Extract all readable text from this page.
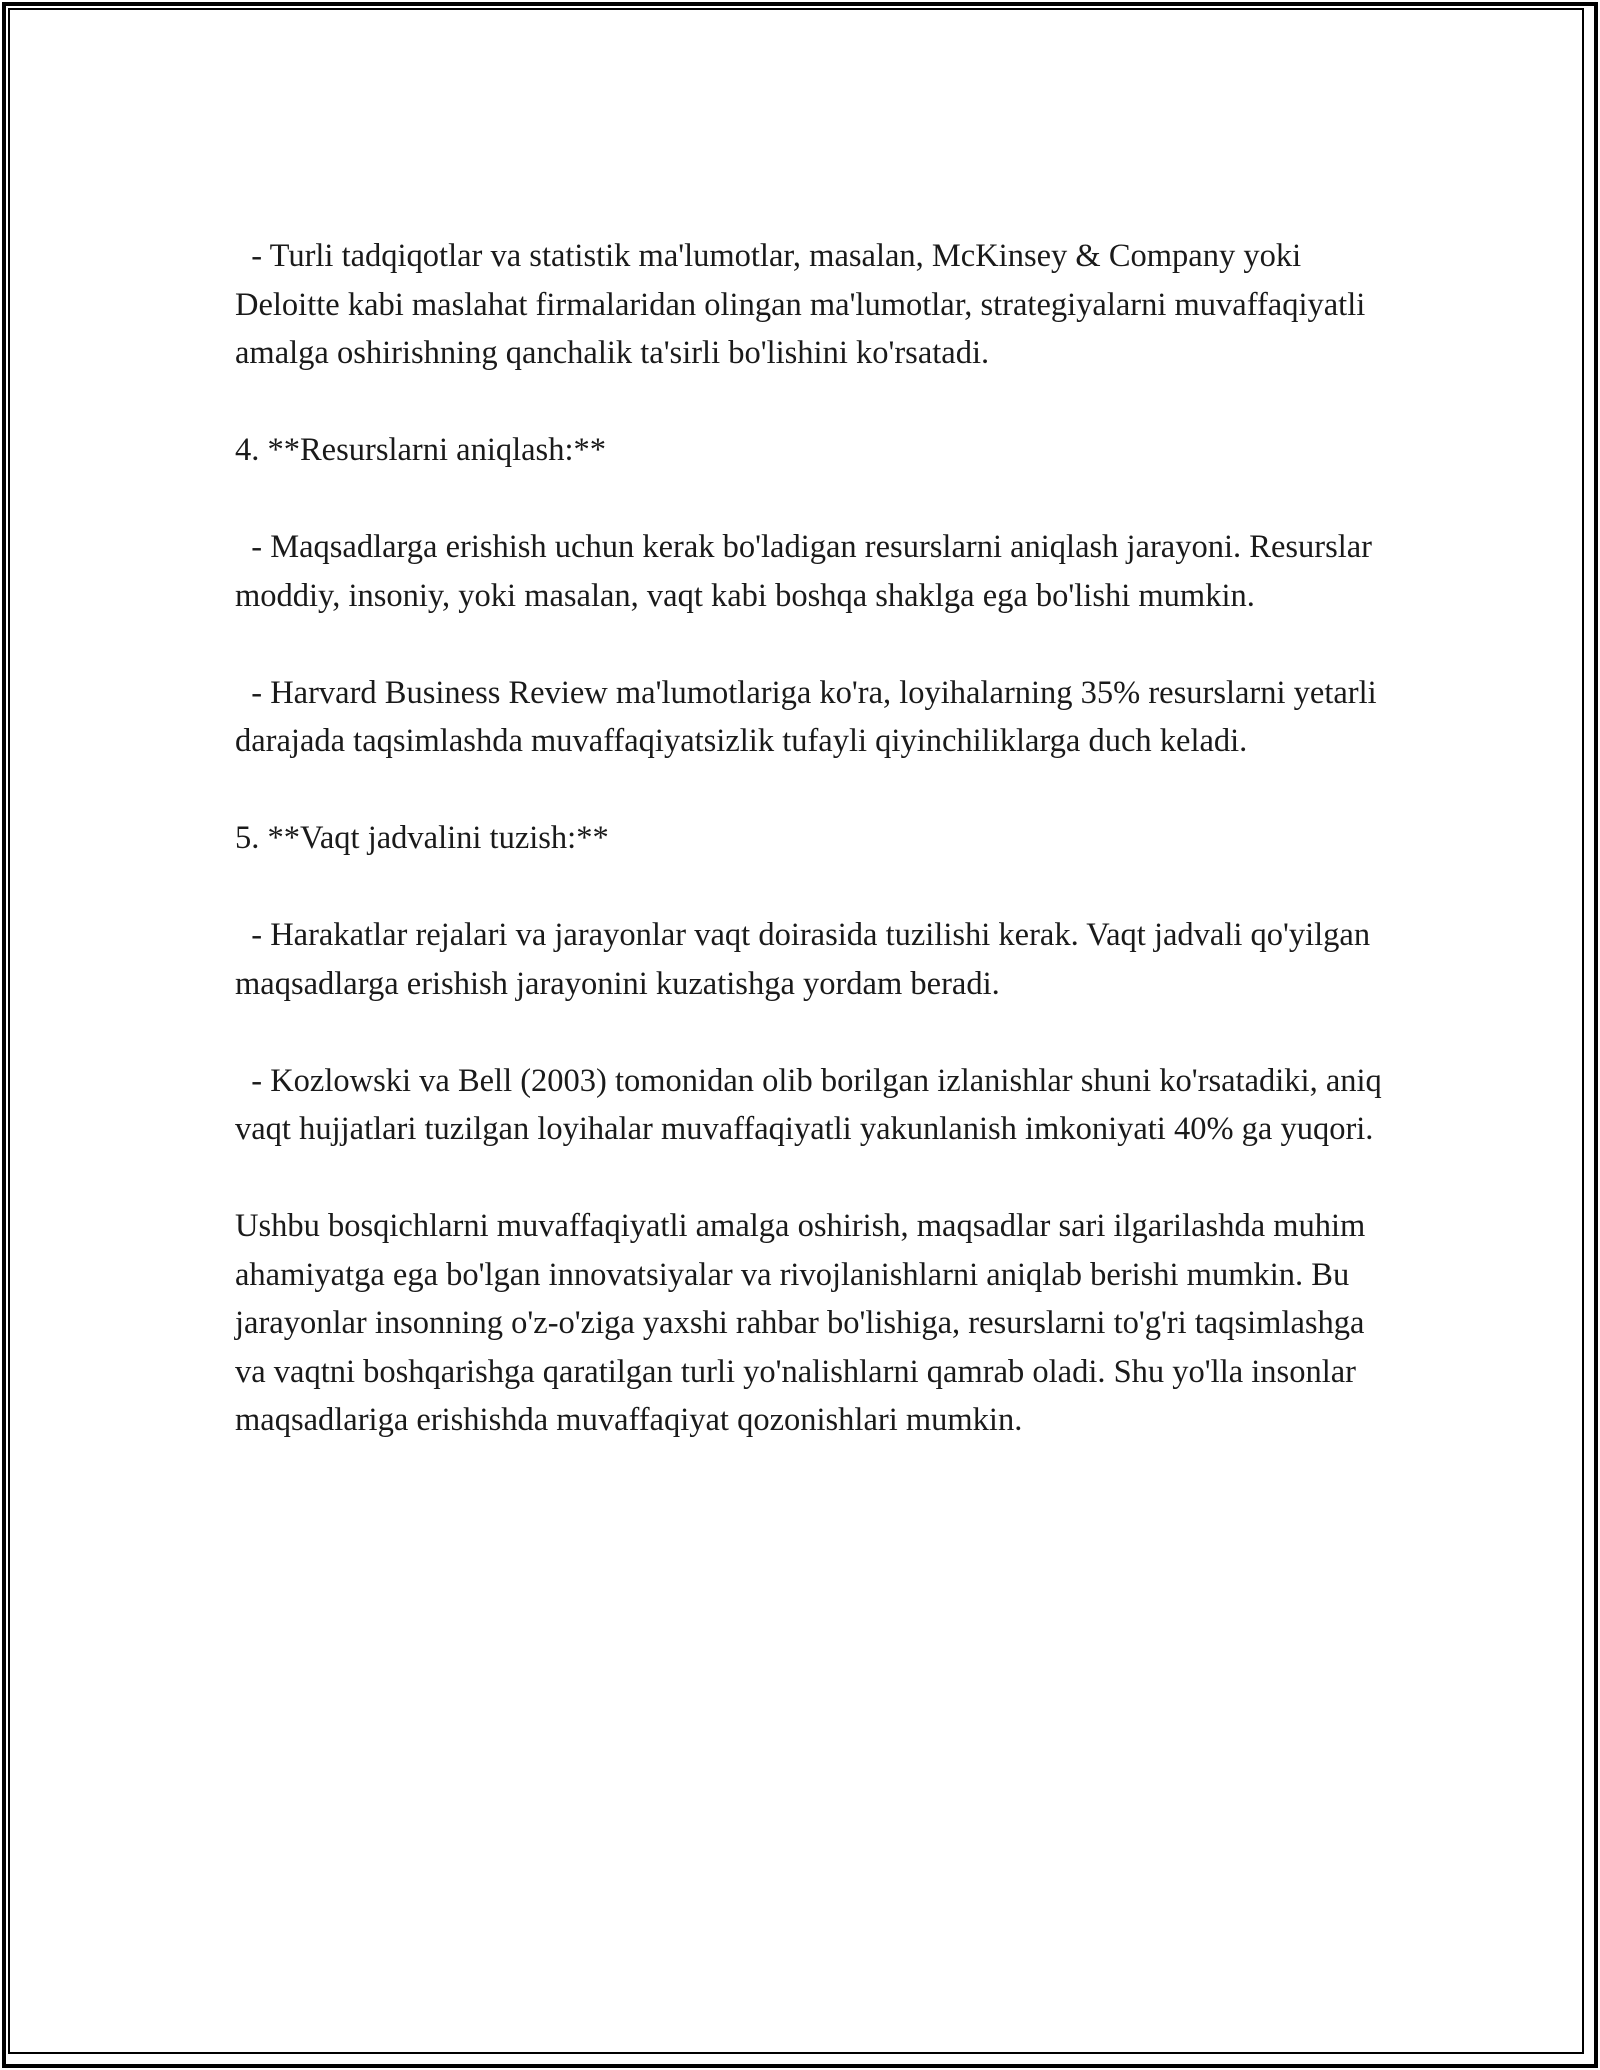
- Turli tadqiqotlar va statistik ma'lumotlar, masalan, McKinsey & Company yoki Deloitte kabi maslahat firmalaridan olingan ma'lumotlar, strategiyalarni muvaffaqiyatli amalga oshirishning qanchalik ta'sirli bo'lishini ko'rsatadi.

4. **Resurslarni aniqlash:**

- Maqsadlarga erishish uchun kerak bo'ladigan resurslarni aniqlash jarayoni. Resurslar moddiy, insoniy, yoki masalan, vaqt kabi boshqa shaklga ega bo'lishi mumkin.

- Harvard Business Review ma'lumotlariga ko'ra, loyihalarning 35% resurslarni yetarli darajada taqsimlashda muvaffaqiyatsizlik tufayli qiyinchiliklarga duch keladi.

5. **Vaqt jadvalini tuzish:**

- Harakatlar rejalari va jarayonlar vaqt doirasida tuzilishi kerak. Vaqt jadvali qo'yilgan maqsadlarga erishish jarayonini kuzatishga yordam beradi.

- Kozlowski va Bell (2003) tomonidan olib borilgan izlanishlar shuni ko'rsatadiki, aniq vaqt hujjatlari tuzilgan loyihalar muvaffaqiyatli yakunlanish imkoniyati 40% ga yuqori.

Ushbu bosqichlarni muvaffaqiyatli amalga oshirish, maqsadlar sari ilgarilashda muhim ahamiyatga ega bo'lgan innovatsiyalar va rivojlanishlarni aniqlab berishi mumkin. Bu jarayonlar insonning o'z-o'ziga yaxshi rahbar bo'lishiga, resurslarni to'g'ri taqsimlashga va vaqtni boshqarishga qaratilgan turli yo'nalishlarni qamrab oladi. Shu yo'lla insonlar maqsadlariga erishishda muvaffaqiyat qozonishlari mumkin.
